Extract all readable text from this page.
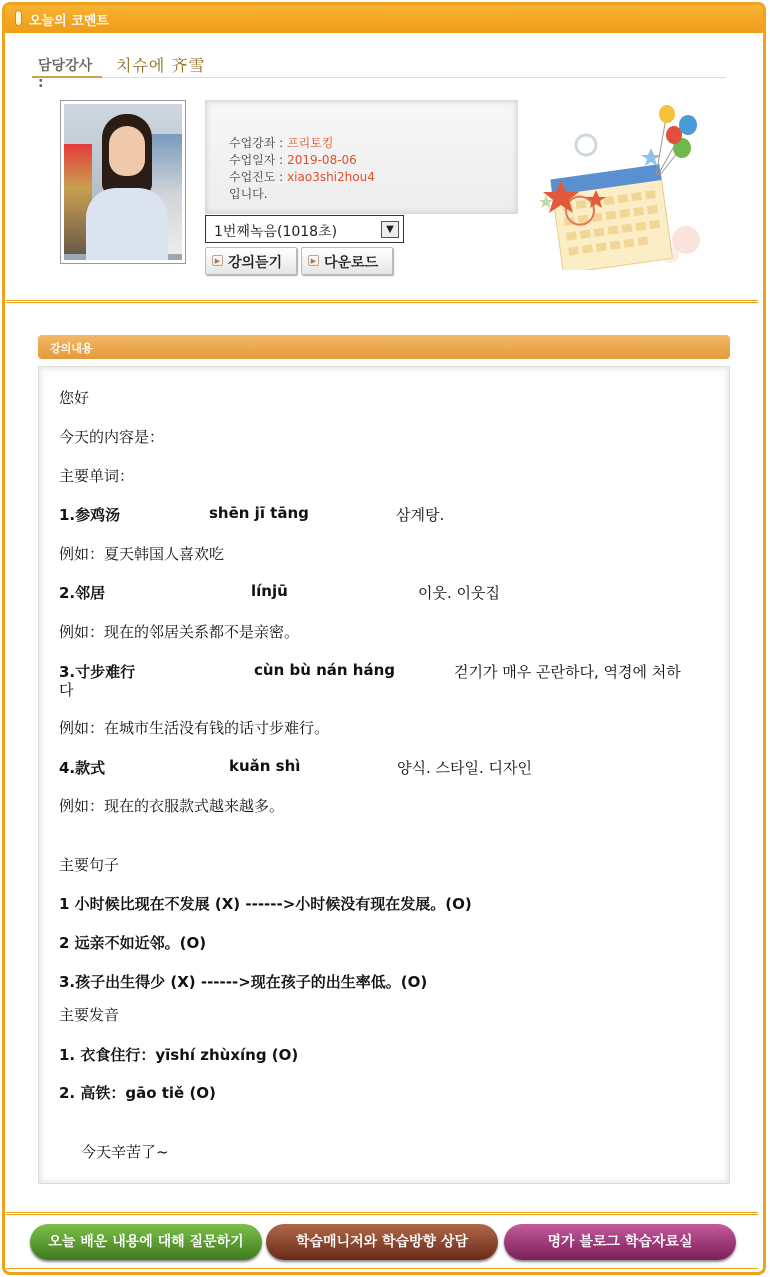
오늘의 코멘트
담당강사 :
치슈에 齐雪
수업강좌 : 프리토킹
수업일자 : 2019-08-06
수업진도 : xiao3shi2hou4
입니다.
1번째녹음(1018초)	▼
▶ 강의듣기	▶ 다운로드
강의내용
您好
今天的内容是：
主要单词：
1.参鸡汤	shēn jī tāng	삼계탕.
例如：夏天韩国人喜欢吃
2.邻居	línjū	이웃. 이웃집
例如：现在的邻居关系都不是亲密。
3.寸步难行	cùn bù nán háng	걷기가 매우 곤란하다, 역경에 처하
다
例如：在城市生活没有钱的话寸步难行。
4.款式	kuǎn shì	양식. 스타일. 디자인
例如：现在的衣服款式越来越多。
主要句子
1 小时候比现在不发展 (X) ------>小时候没有现在发展。(O)
2 远亲不如近邻。(O)
3.孩子出生得少 (X) ------>现在孩子的出生率低。(O)
主要发音
1. 衣食住行：yīshí zhùxíng (O)
2. 高铁：gāo tiě (O)
今天辛苦了~
오늘 배운 내용에 대해 질문하기	학습매니저와 학습방향 상담	명가 블로그 학습자료실
